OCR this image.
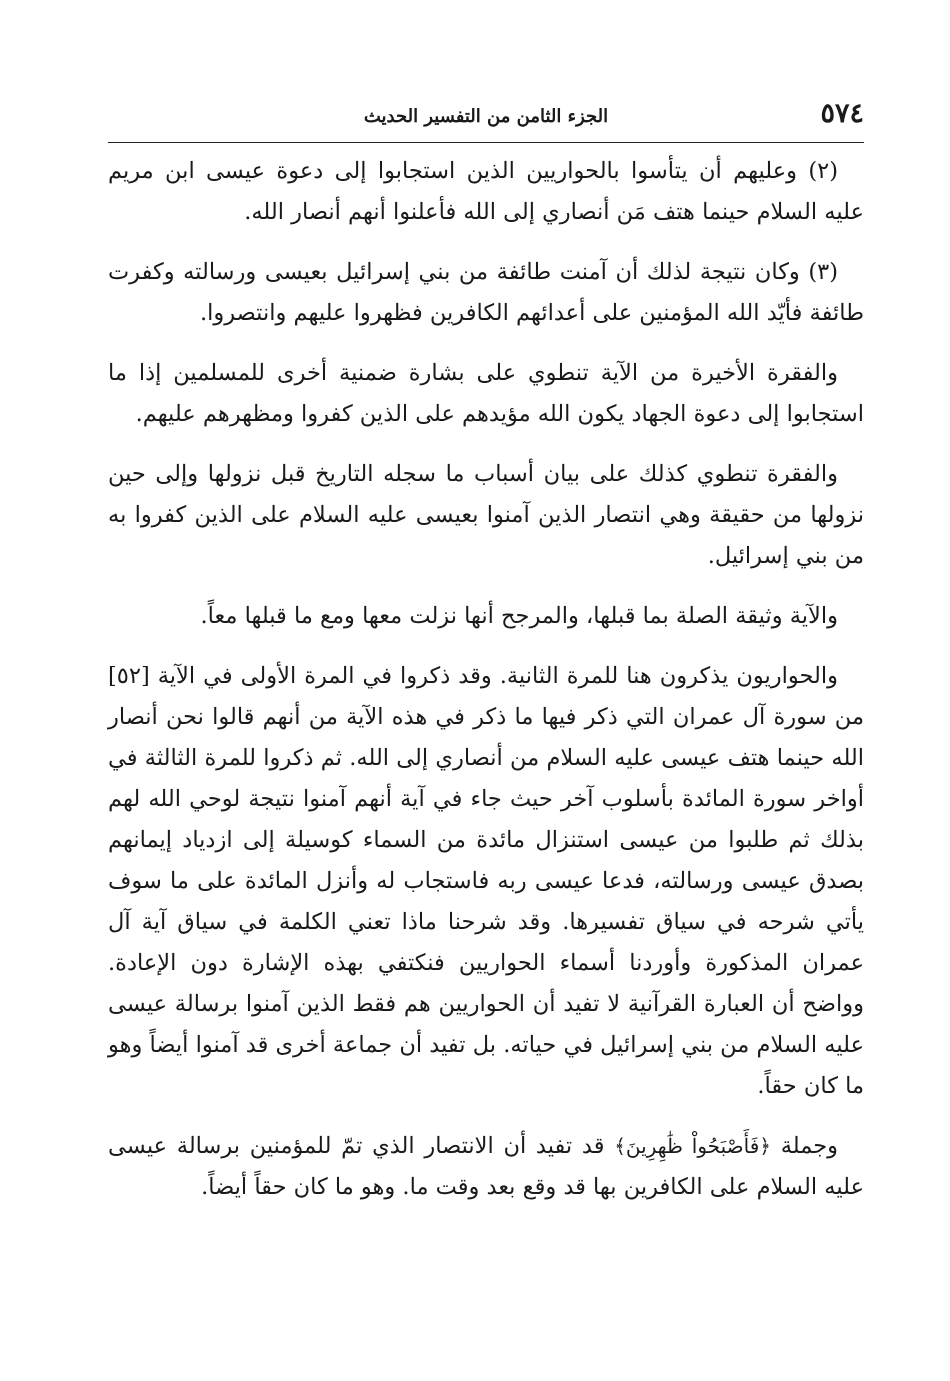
٥٧٤
الجزء الثامن من التفسير الحديث

(٢) وعليهم أن يتأسوا بالحواريين الذين استجابوا إلى دعوة عيسى ابن مريم عليه السلام حينما هتف مَن أنصاري إلى الله فأعلنوا أنهم أنصار الله.

(٣) وكان نتيجة لذلك أن آمنت طائفة من بني إسرائيل بعيسى ورسالته وكفرت طائفة فأيّد الله المؤمنين على أعدائهم الكافرين فظهروا عليهم وانتصروا.

والفقرة الأخيرة من الآية تنطوي على بشارة ضمنية أخرى للمسلمين إذا ما استجابوا إلى دعوة الجهاد يكون الله مؤيدهم على الذين كفروا ومظهرهم عليهم.

والفقرة تنطوي كذلك على بيان أسباب ما سجله التاريخ قبل نزولها وإلى حين نزولها من حقيقة وهي انتصار الذين آمنوا بعيسى عليه السلام على الذين كفروا به من بني إسرائيل.

والآية وثيقة الصلة بما قبلها، والمرجح أنها نزلت معها ومع ما قبلها معاً.

والحواريون يذكرون هنا للمرة الثانية. وقد ذكروا في المرة الأولى في الآية [٥٢] من سورة آل عمران التي ذكر فيها ما ذكر في هذه الآية من أنهم قالوا نحن أنصار الله حينما هتف عيسى عليه السلام من أنصاري إلى الله. ثم ذكروا للمرة الثالثة في أواخر سورة المائدة بأسلوب آخر حيث جاء في آية أنهم آمنوا نتيجة لوحي الله لهم بذلك ثم طلبوا من عيسى استنزال مائدة من السماء كوسيلة إلى ازدياد إيمانهم بصدق عيسى ورسالته، فدعا عيسى ربه فاستجاب له وأنزل المائدة على ما سوف يأتي شرحه في سياق تفسيرها. وقد شرحنا ماذا تعني الكلمة في سياق آية آل عمران المذكورة وأوردنا أسماء الحواريين فنكتفي بهذه الإشارة دون الإعادة. وواضح أن العبارة القرآنية لا تفيد أن الحواريين هم فقط الذين آمنوا برسالة عيسى عليه السلام من بني إسرائيل في حياته. بل تفيد أن جماعة أخرى قد آمنوا أيضاً وهو ما كان حقاً.

وجملة ﴿فَأَصْبَحُواْ ظَٰهِرِينَ﴾ قد تفيد أن الانتصار الذي تمّ للمؤمنين برسالة عيسى عليه السلام على الكافرين بها قد وقع بعد وقت ما. وهو ما كان حقاً أيضاً.
